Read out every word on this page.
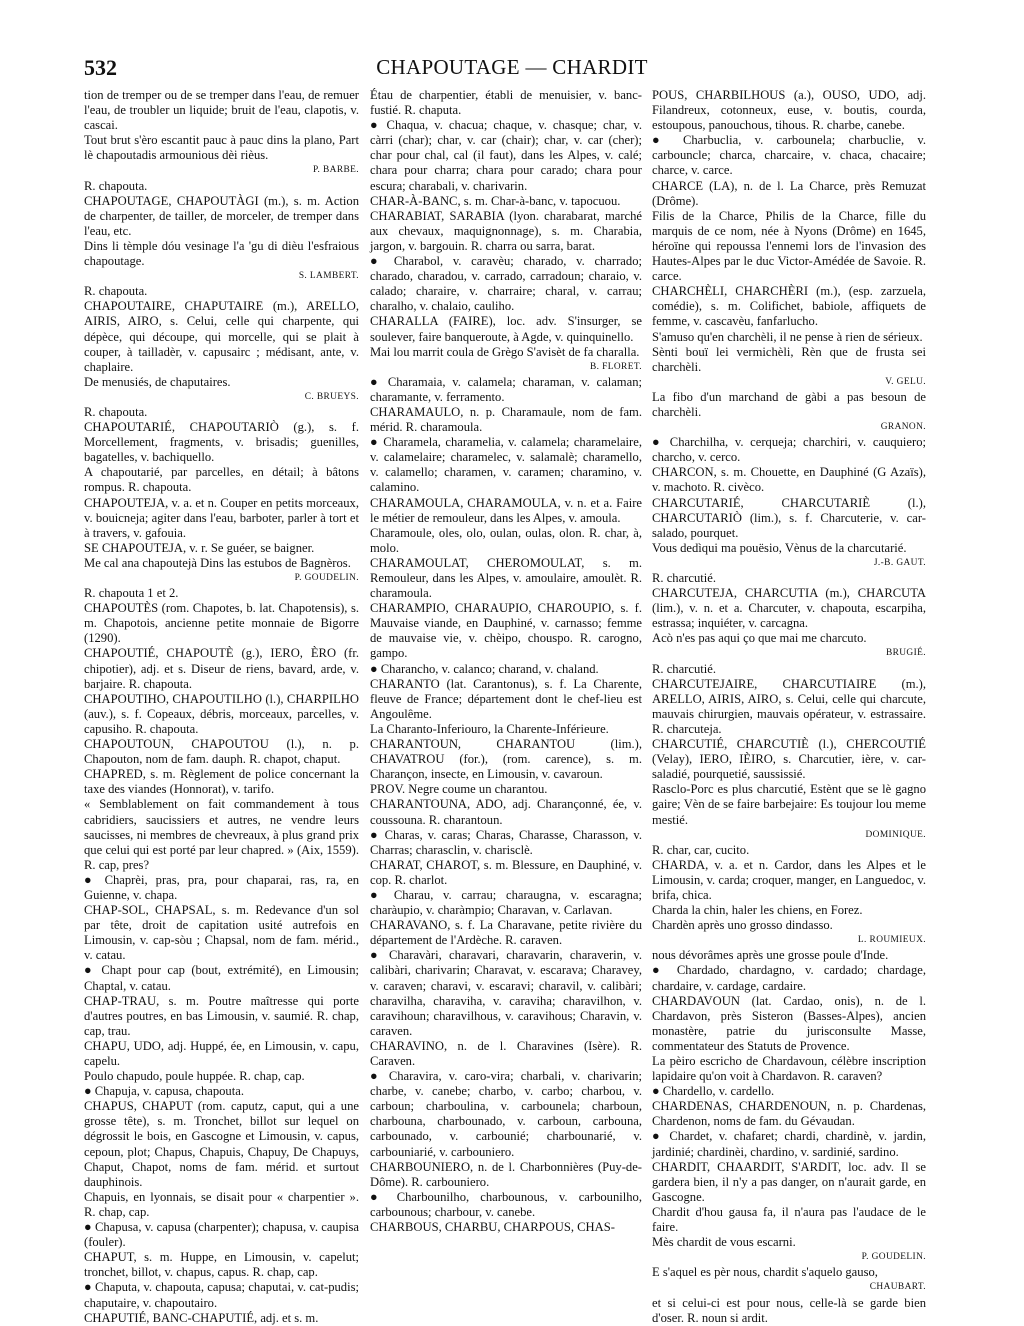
532	CHAPOUTAGE — CHARDIT

tion de tremper ou de se tremper dans l'eau, de remuer l'eau, de troubler un liquide; bruit de l'eau, clapotis, v. cascai.

Tout brut s'èro escantit pauc à pauc dins la plano, Part lè chapoutadis armounious dèi rièus.

P. BARBE.

R. chapouta.

CHAPOUTAGE, CHAPOUTÀGI (m.), s. m. Action de charpenter, de tailler, de morceler, de tremper dans l'eau, etc.

Dins li tèmple dóu vesinage l'a 'gu di dièu l'esfraious chapoutage.

S. LAMBERT.

R. chapouta.

CHAPOUTAIRE, CHAPUTAIRE (m.), ARELLO, AIRIS, AIRO, s. Celui, celle qui charpente, qui dépèce, qui découpe, qui morcelle, qui se plait à couper, à tailladèr, v. capusairc ; médisant, ante, v. chaplaire.

De menusiés, de chaputaires.

C. BRUEYS.

R. chapouta.

CHAPOUTARIÉ, CHAPOUTARIÒ (g.), s. f. Morcellement, fragments, v. brisadis; guenilles, bagatelles, v. bachiquello.

A chapoutarié, par parcelles, en détail; à bâtons rompus. R. chapouta.

CHAPOUTEJA, v. a. et n. Couper en petits morceaux, v. bouicneja; agiter dans l'eau, barboter, parler à tort et à travers, v. gafouia.

SE CHAPOUTEJA, v. r. Se guéer, se baigner.

Me cal ana chapoutejà Dins las estubos de Bagnèros.

P. GOUDELIN.

R. chapouta 1 et 2.

CHAPOUTÈS (rom. Chapotes, b. lat. Chapotensis), s. m. Chapotois, ancienne petite monnaie de Bigorre (1290).

CHAPOUTIÉ, CHAPOUTÈ (g.), IERO, ÈRO (fr. chipotier), adj. et s. Diseur de riens, bavard, arde, v. barjaire. R. chapouta.

CHAPOUTIHO, CHAPOUTILHO (l.), CHARPILHO (auv.), s. f. Copeaux, débris, morceaux, parcelles, v. capusiho. R. chapouta.

CHAPOUTOUN, CHAPOUTOU (l.), n. p. Chapouton, nom de fam. dauph. R. chapot, chaput.

CHAPRED, s. m. Règlement de police concernant la taxe des viandes (Honnorat), v. tarifo.

« Semblablement on fait commandement à tous cabridiers, saucissiers et autres, ne vendre leurs saucisses, ni membres de chevreaux, à plus grand prix que celui qui est porté par leur chapred. » (Aix, 1559). R. cap, pres?

● Chaprèi, pras, pra, pour chaparai, ras, ra, en Guienne, v. chapa.

CHAP-SOL, CHAPSAL, s. m. Redevance d'un sol par tête, droit de capitation usité autrefois en Limousin, v. cap-sòu ; Chapsal, nom de fam. mérid., v. catau.

● Chapt pour cap (bout, extrémité), en Limousin; Chaptal, v. catau.

CHAP-TRAU, s. m. Poutre maîtresse qui porte d'autres poutres, en bas Limousin, v. saumié. R. chap, cap, trau.

CHAPU, UDO, adj. Huppé, ée, en Limousin, v. capu, capelu.

Poulo chapudo, poule huppée. R. chap, cap.

● Chapuja, v. capusa, chapouta.

CHAPUS, CHAPUT (rom. caputz, caput, qui a une grosse tête), s. m. Tronchet, billot sur lequel on dégrossit le bois, en Gascogne et Limousin, v. capus, cepoun, plot; Chapus, Chapuis, Chapuy, De Chapuys, Chaput, Chapot, noms de fam. mérid. et surtout dauphinois.

Chapuis, en lyonnais, se disait pour « charpentier ». R. chap, cap.

● Chapusa, v. capusa (charpenter); chapusa, v. caupisa (fouler).

CHAPUT, s. m. Huppe, en Limousin, v. capelut; tronchet, billot, v. chapus, capus. R. chap, cap.

● Chaputa, v. chapouta, capusa; chaputai, v. cat-pudis; chaputaire, v. chapoutairo.

CHAPUTIÉ, BANC-CHAPUTIÉ, adj. et s. m.

Étau de charpentier, établi de menuisier, v. banc-fustié. R. chaputa.

● Chaqua, v. chacua; chaque, v. chasque; char, v. càrri (char); char, v. car (chair); char, v. car (cher); char pour chal, cal (il faut), dans les Alpes, v. calé; chara pour charra; chara pour carado; chara pour escura; charabali, v. charivarin.

CHAR-À-BANC, s. m. Char-à-banc, v. tapocuou.

CHARABIAT, SARABIA (lyon. charabarat, marché aux chevaux, maquignonnage), s. m. Charabia, jargon, v. bargouin. R. charra ou sarra, barat.

● Charabol, v. caravèu; charado, v. charrado; charado, charadou, v. carrado, carradoun; charaio, v. calado; charaire, v. charraire; charal, v. carrau; charalho, v. chalaio, cauliho.

CHARALLA (FAIRE), loc. adv. S'insurger, se soulever, faire banqueroute, à Agde, v. quinquinello.

Mai lou marrit coula de Grègo S'avisèt de fa charalla.

B. FLORET.

● Charamaia, v. calamela; charaman, v. calaman; charamante, v. ferramento.

CHARAMAULO, n. p. Charamaule, nom de fam. mérid. R. charamoula.

● Charamela, charamelia, v. calamela; charamelaire, v. calamelaire; charamelec, v. salamalè; charamello, v. calamello; charamen, v. caramen; charamino, v. calamino.

CHARAMOULA, CHARAMOULA, v. n. et a. Faire le métier de remouleur, dans les Alpes, v. amoula.

Charamoule, oles, olo, oulan, oulas, olon. R. char, à, molo.

CHARAMOULAT, CHEROMOULAT, s. m. Remouleur, dans les Alpes, v. amoulaire, amoulèt. R. charamoula.

CHARAMPIO, CHARAUPIO, CHAROUPIO, s. f. Mauvaise viande, en Dauphiné, v. carnasso; femme de mauvaise vie, v. chèipo, chouspo. R. carogno, gampo.

● Charancho, v. calanco; charand, v. chaland.

CHARANTO (lat. Carantonus), s. f. La Charente, fleuve de France; département dont le chef-lieu est Angoulême.

La Charanto-Inferiouro, la Charente-Inférieure.

CHARANTOUN, CHARANTOU (lim.), CHAVATROU (for.), (rom. carence), s. m. Charançon, insecte, en Limousin, v. cavaroun.

PROV. Negre coume un charantou.

CHARANTOUNA, ADO, adj. Charançonné, ée, v. coussouna. R. charantoun.

● Charas, v. caras; Charas, Charasse, Charasson, v. Charras; charasclin, v. charisclè.

CHARAT, CHAROT, s. m. Blessure, en Dauphiné, v. cop. R. charlot.

● Charau, v. carrau; charaugna, v. escaragna; charàupio, v. charàmpio; Charavan, v. Carlavan.

CHARAVANO, s. f. La Charavane, petite rivière du département de l'Ardèche. R. caraven.

● Charavàri, charavari, charavarin, charaverin, v. calibàri, charivarin; Charavat, v. escarava; Charavey, v. caraven; charavi, v. escaravi; charavil, v. calibàri; charavilha, charaviha, v. caraviha; charavilhon, v. caravihoun; charavilhous, v. caravihous; Charavin, v. caraven.

CHARAVINO, n. de l. Charavines (Isère). R. Caraven.

● Charavira, v. caro-vira; charbali, v. charivarin; charbe, v. canebe; charbo, v. carbo; charbou, v. carboun; charboulina, v. carbounela; charboun, charbouna, charbounado, v. carboun, carbouna, carbounado, v. carbounié; charbounarié, v. carbouniarié, v. carbouniero.

CHARBOUNIERO, n. de l. Charbonnières (Puy-de-Dôme). R. carbouniero.

● Charbounilho, charbounous, v. carbounilho, carbounous; charbour, v. canebe.

CHARBOUS, CHARBU, CHARPOUS, CHAS-

POUS, CHARBILHOUS (a.), OUSO, UDO, adj. Filandreux, cotonneux, euse, v. boutis, courda, estoupous, panouchous, tihous. R. charbe, canebe.

● Charbuclia, v. carbounela; charbuclie, v. carbouncle; charca, charcaire, v. chaca, chacaire; charce, v. carce.

CHARCE (LA), n. de l. La Charce, près Remuzat (Drôme).

Filis de la Charce, Philis de la Charce, fille du marquis de ce nom, née à Nyons (Drôme) en 1645, héroïne qui repoussa l'ennemi lors de l'invasion des Hautes-Alpes par le duc Victor-Amédée de Savoie. R. carce.

CHARCHÈLI, CHARCHÈRI (m.), (esp. zarzuela, comédie), s. m. Colifichet, babiole, affiquets de femme, v. cascavèu, fanfarlucho.

S'amuso qu'en charchèli, il ne pense à rien de sérieux.

Sènti bouï lei vermichèli, Rèn que de frusta sei charchèli.

V. GELU.

La fibo d'un marchand de gàbi a pas besoun de charchèli.

GRANON.

● Charchilha, v. cerqueja; charchiri, v. cauquiero; charcho, v. cerco.

CHARCON, s. m. Chouette, en Dauphiné (G Azaïs), v. machoto. R. civèco.

CHARCUTARIÉ, CHARCUTARIÈ (l.), CHARCUTARIÒ (lim.), s. f. Charcuterie, v. car-salado, pourquet.

Vous dedìqui ma pouësio, Vènus de la charcutarié.

J.-B. GAUT.

R. charcutié.

CHARCUTEJA, CHARCUTIA (m.), CHARCUTA (lim.), v. n. et a. Charcuter, v. chapouta, escarpiha, estrassa; inquiéter, v. carcagna.

Acò n'es pas aqui ço que mai me charcuto.

BRUGIÉ.

R. charcutié.

CHARCUTEJAIRE, CHARCUTIAIRE (m.), ARELLO, AIRIS, AIRO, s. Celui, celle qui charcute, mauvais chirurgien, mauvais opérateur, v. estrassaire. R. charcuteja.

CHARCUTIÉ, CHARCUTIÈ (l.), CHERCOUTIÉ (Velay), IERO, IÈIRO, s. Charcutier, ière, v. car-saladié, pourquetié, saussissié.

Rasclo-Porc es plus charcutié, Estènt que se lè gagno gaire; Vèn de se faire barbejaire: Es toujour lou meme mestié.

DOMINIQUE.

R. char, car, cucito.

CHARDA, v. a. et n. Cardor, dans les Alpes et le Limousin, v. carda; croquer, manger, en Languedoc, v. brifa, chica.

Charda la chin, haler les chiens, en Forez.

Chardèn après uno grosso dindasso.

L. ROUMIEUX.

nous dévorâmes après une grosse poule d'Inde.

● Chardado, chardagno, v. cardado; chardage, chardaire, v. cardage, cardaire.

CHARDAVOUN (lat. Cardao, onis), n. de l. Chardavon, près Sisteron (Basses-Alpes), ancien monastère, patrie du jurisconsulte Masse, commentateur des Statuts de Provence.

La pèiro escricho de Chardavoun, célèbre inscription lapidaire qu'on voit à Chardavon. R. caraven?

● Chardello, v. cardello.

CHARDENAS, CHARDENOUN, n. p. Chardenas, Chardenon, noms de fam. du Gévaudan.

● Chardet, v. chafaret; chardi, chardinè, v. jardin, jardinié; chardinèi, chardino, v. sardinié, sardino.

CHARDIT, CHAARDIT, S'ARDIT, loc. adv. Il se gardera bien, il n'y a pas danger, on n'aurait garde, en Gascogne.

Chardit d'hou gausa fa, il n'aura pas l'audace de le faire.

Mès chardit de vous escarni.

P. GOUDELIN.

E s'aquel es pèr nous, chardit s'aquelo gauso,

CHAUBART.

et si celui-ci est pour nous, celle-là se garde bien d'oser. R. noun si ardit.
